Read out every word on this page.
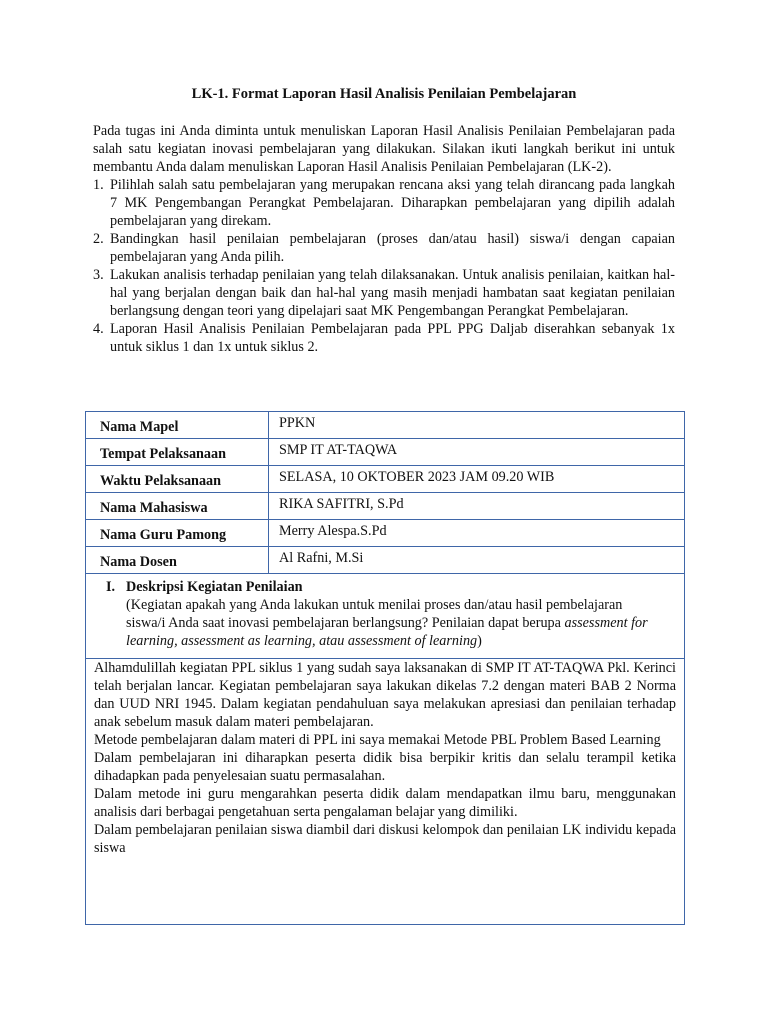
LK-1. Format Laporan Hasil Analisis Penilaian Pembelajaran

Pada tugas ini Anda diminta untuk menuliskan Laporan Hasil Analisis Penilaian Pembelajaran pada salah satu kegiatan inovasi pembelajaran yang dilakukan. Silakan ikuti langkah berikut ini untuk membantu Anda dalam menuliskan Laporan Hasil Analisis Penilaian Pembelajaran (LK-2).

1. Pilihlah salah satu pembelajaran yang merupakan rencana aksi yang telah dirancang pada langkah 7 MK Pengembangan Perangkat Pembelajaran. Diharapkan pembelajaran yang dipilih adalah pembelajaran yang direkam.
2. Bandingkan hasil penilaian pembelajaran (proses dan/atau hasil) siswa/i dengan capaian pembelajaran yang Anda pilih.
3. Lakukan analisis terhadap penilaian yang telah dilaksanakan. Untuk analisis penilaian, kaitkan hal-hal yang berjalan dengan baik dan hal-hal yang masih menjadi hambatan saat kegiatan penilaian berlangsung dengan teori yang dipelajari saat MK Pengembangan Perangkat Pembelajaran.
4. Laporan Hasil Analisis Penilaian Pembelajaran pada PPL PPG Daljab diserahkan sebanyak 1x untuk siklus 1 dan 1x untuk siklus 2.
Nama Mapel	PPKN
Tempat Pelaksanaan	SMP IT AT-TAQWA
Waktu Pelaksanaan	SELASA, 10 OKTOBER 2023 JAM 09.20 WIB
Nama Mahasiswa	RIKA SAFITRI, S.Pd
Nama Guru Pamong	Merry Alespa.S.Pd
Nama Dosen	Al Rafni, M.Si
I. Deskripsi Kegiatan Penilaian
(Kegiatan apakah yang Anda lakukan untuk menilai proses dan/atau hasil pembelajaran siswa/i Anda saat inovasi pembelajaran berlangsung? Penilaian dapat berupa assessment for learning, assessment as learning, atau assessment of learning)

Alhamdulillah kegiatan PPL siklus 1 yang sudah saya laksanakan di SMP IT AT-TAQWA Pkl. Kerinci telah berjalan lancar. Kegiatan pembelajaran saya lakukan dikelas 7.2 dengan materi BAB 2 Norma dan UUD NRI 1945. Dalam kegiatan pendahuluan saya melakukan apresiasi dan penilaian terhadap anak sebelum masuk dalam materi pembelajaran.

Metode pembelajaran dalam materi di PPL ini saya memakai Metode PBL Problem Based Learning

Dalam pembelajaran ini diharapkan peserta didik bisa berpikir kritis dan selalu terampil ketika dihadapkan pada penyelesaian suatu permasalahan.

Dalam metode ini guru mengarahkan peserta didik dalam mendapatkan ilmu baru, menggunakan analisis dari berbagai pengetahuan serta pengalaman belajar yang dimiliki.

Dalam pembelajaran penilaian siswa diambil dari diskusi kelompok dan penilaian LK individu kepada siswa
